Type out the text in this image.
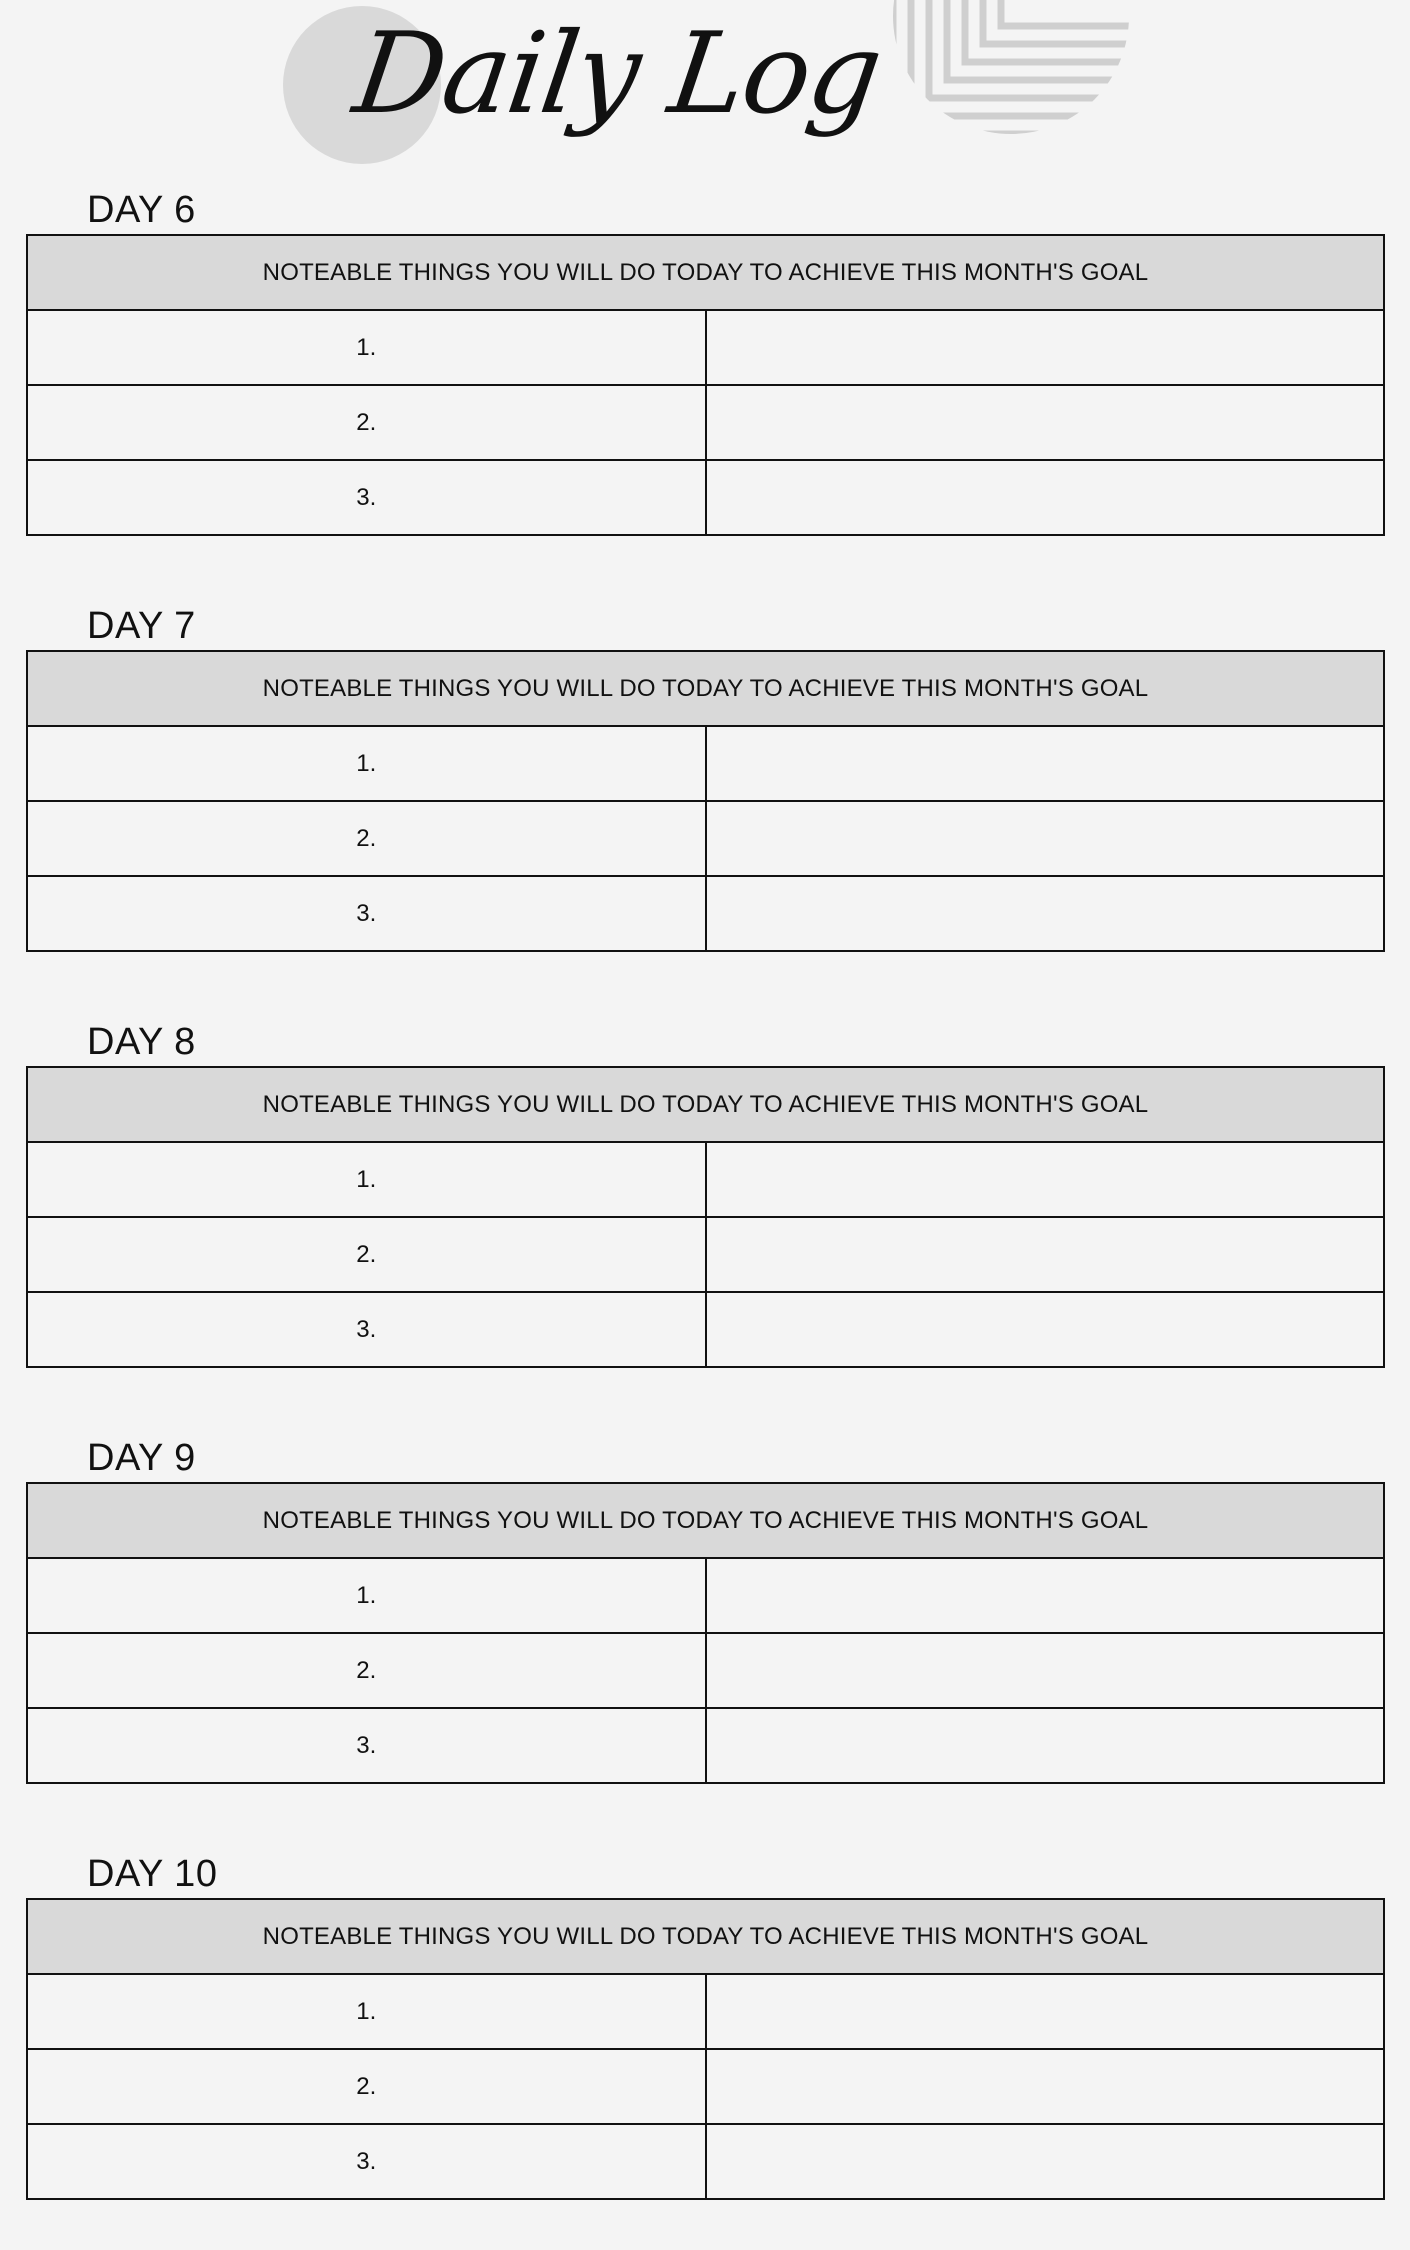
Daily Log
DAY 6
NOTEABLE THINGS YOU WILL DO TODAY TO ACHIEVE THIS MONTH'S GOAL	
1.	
2.	
3.	
DAY 7
NOTEABLE THINGS YOU WILL DO TODAY TO ACHIEVE THIS MONTH'S GOAL	
1.	
2.	
3.	
DAY 8
NOTEABLE THINGS YOU WILL DO TODAY TO ACHIEVE THIS MONTH'S GOAL	
1.	
2.	
3.	
DAY 9
NOTEABLE THINGS YOU WILL DO TODAY TO ACHIEVE THIS MONTH'S GOAL	
1.	
2.	
3.	
DAY 10
NOTEABLE THINGS YOU WILL DO TODAY TO ACHIEVE THIS MONTH'S GOAL	
1.	
2.	
3.	
